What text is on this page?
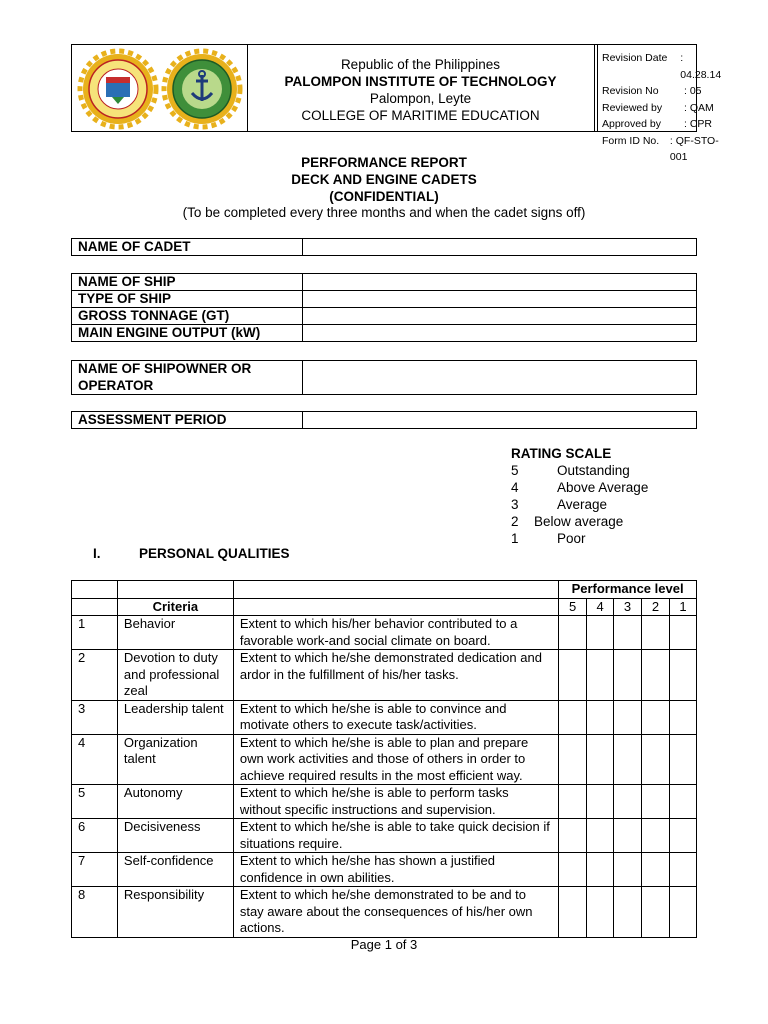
Republic of the Philippines
PALOMPON INSTITUTE OF TECHNOLOGY
Palompon, Leyte
COLLEGE OF MARITIME EDUCATION
Revision Date	: 04.28.14
Revision No	: 05
Reviewed by	: QAM
Approved by	: CPR
Form ID No.	: QF-STO-001
PERFORMANCE REPORT
DECK AND ENGINE CADETS
(CONFIDENTIAL)
(To be completed every three months and when the cadet signs off)
NAME OF CADET	
NAME OF SHIP	
TYPE OF SHIP	
GROSS TONNAGE (GT)	
MAIN ENGINE OUTPUT (kW)	
NAME OF SHIPOWNER OR OPERATOR	
ASSESSMENT PERIOD	
RATING SCALE
5	Outstanding
4	Above Average
3	Average
2	Below average
1	Poor
I.	PERSONAL QUALITIES
			Performance level				
	Criteria		5	4	3	2	1
1	Behavior	Extent to which his/her behavior contributed to a favorable work-and social climate on board.					
2	Devotion to duty and professional zeal	Extent to which he/she demonstrated dedication and ardor in the fulfillment of his/her tasks.					
3	Leadership talent	Extent to which he/she is able to convince and motivate others to execute task/activities.					
4	Organization talent	Extent to which he/she is able to plan and prepare own work activities and those of others in order to achieve required results in the most efficient way.					
5	Autonomy	Extent to which he/she is able to perform tasks without specific instructions and supervision.					
6	Decisiveness	Extent to which he/she is able to take quick decision if situations require.					
7	Self-confidence	Extent to which he/she has shown a justified confidence in own abilities.					
8	Responsibility	Extent to which he/she demonstrated to be and to stay aware about the consequences of his/her own actions.					
Page 1 of 3
